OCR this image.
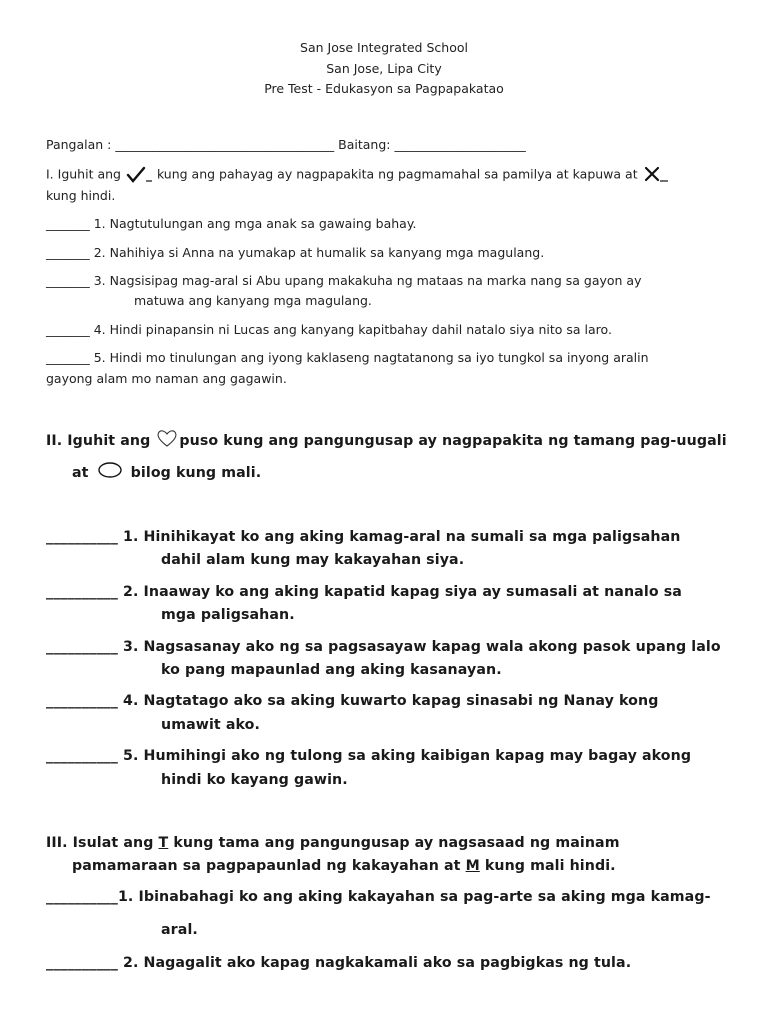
San Jose Integrated School
San Jose, Lipa City
Pre Test - Edukasyon sa Pagpapakatao
Pangalan : ___________________________________ Baitang: _____________________
I. Iguhit ang	kung ang pahayag ay nagpapakita ng pagmamahal sa pamilya at kapuwa at
kung hindi.
_______ 1. Nagtutulungan ang mga anak sa gawaing bahay.
_______ 2. Nahihiya si Anna na yumakap at humalik sa kanyang mga magulang.
_______ 3. Nagsisipag mag-aral si Abu upang makakuha ng mataas na marka nang sa gayon ay
matuwa ang kanyang mga magulang.
_______ 4. Hindi pinapansin ni Lucas ang kanyang kapitbahay dahil natalo siya nito sa laro.
_______ 5. Hindi mo tinulungan ang iyong kaklaseng nagtatanong sa iyo tungkol sa inyong aralin
gayong alam mo naman ang gagawin.
II. Iguhit ang puso kung ang pangungusap ay nagpapakita ng tamang pag-uugali
at	bilog kung mali.
__________ 1. Hinihikayat ko ang aking kamag-aral na sumali sa mga paligsahan
dahil alam kung may kakayahan siya.
__________ 2. Inaaway ko ang aking kapatid kapag siya ay sumasali at nanalo sa
mga paligsahan.
__________ 3. Nagsasanay ako ng sa pagsasayaw kapag wala akong pasok upang lalo
ko pang mapaunlad ang aking kasanayan.
__________ 4. Nagtatago ako sa aking kuwarto kapag sinasabi ng Nanay kong
umawit ako.
__________ 5. Humihingi ako ng tulong sa aking kaibigan kapag may bagay akong
hindi ko kayang gawin.
III. Isulat ang T kung tama ang pangungusap ay nagsasaad ng mainam
pamamaraan sa pagpapaunlad ng kakayahan at M kung mali hindi.
__________1. Ibinabahagi ko ang aking kakayahan sa pag-arte sa aking mga kamag-
aral.
__________ 2. Nagagalit ako kapag nagkakamali ako sa pagbigkas ng tula.
